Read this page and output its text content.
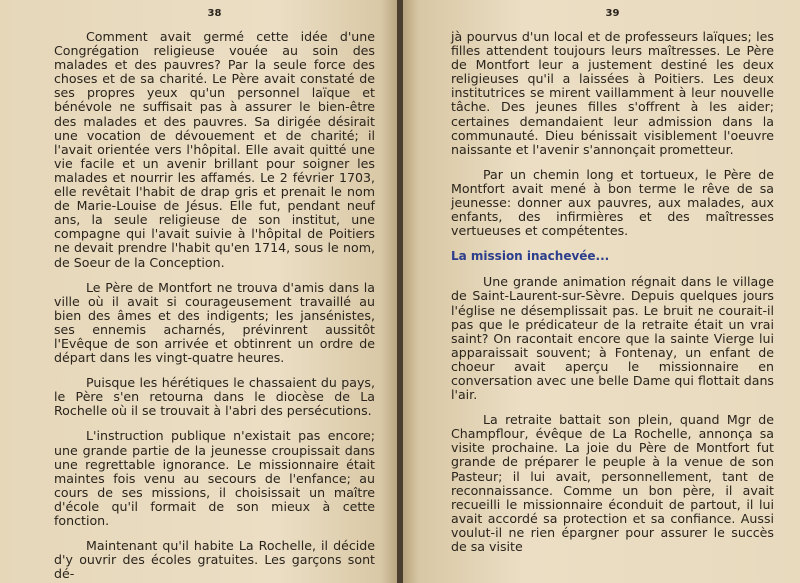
38

Comment avait germé cette idée d'une Congrégation religieuse vouée au soin des malades et des pauvres? Par la seule force des choses et de sa charité. Le Père avait constaté de ses propres yeux qu'un personnel laïque et bénévole ne suffisait pas à assurer le bien-être des malades et des pauvres. Sa dirigée désirait une vocation de dévouement et de charité; il l'avait orientée vers l'hôpital. Elle avait quitté une vie facile et un avenir brillant pour soigner les malades et nourrir les affamés. Le 2 février 1703, elle revêtait l'habit de drap gris et prenait le nom de Marie-Louise de Jésus. Elle fut, pendant neuf ans, la seule religieuse de son institut, une compagne qui l'avait suivie à l'hôpital de Poitiers ne devait prendre l'habit qu'en 1714, sous le nom, de Soeur de la Conception.

Le Père de Montfort ne trouva d'amis dans la ville où il avait si courageusement travaillé au bien des âmes et des indigents; les jansénistes, ses ennemis acharnés, prévinrent aussitôt l'Evêque de son arrivée et obtinrent un ordre de départ dans les vingt-quatre heures.

Puisque les hérétiques le chassaient du pays, le Père s'en retourna dans le diocèse de La Rochelle où il se trouvait à l'abri des persécutions.

L'instruction publique n'existait pas encore; une grande partie de la jeunesse croupissait dans une regrettable ignorance. Le missionnaire était maintes fois venu au secours de l'enfance; au cours de ses missions, il choisissait un maître d'école qu'il formait de son mieux à cette fonction.

Maintenant qu'il habite La Rochelle, il décide d'y ouvrir des écoles gratuites. Les garçons sont dé-

39

jà pourvus d'un local et de professeurs laïques; les filles attendent toujours leurs maîtresses. Le Père de Montfort leur a justement destiné les deux religieuses qu'il a laissées à Poitiers. Les deux institutrices se mirent vaillamment à leur nouvelle tâche. Des jeunes filles s'offrent à les aider; certaines demandaient leur admission dans la communauté. Dieu bénissait visiblement l'oeuvre naissante et l'avenir s'annonçait prometteur.

Par un chemin long et tortueux, le Père de Montfort avait mené à bon terme le rêve de sa jeunesse: donner aux pauvres, aux malades, aux enfants, des infirmières et des maîtresses vertueuses et compétentes.

La mission inachevée...

Une grande animation régnait dans le village de Saint-Laurent-sur-Sèvre. Depuis quelques jours l'église ne désemplissait pas. Le bruit ne courait-il pas que le prédicateur de la retraite était un vrai saint? On racontait encore que la sainte Vierge lui apparaissait souvent; à Fontenay, un enfant de choeur avait aperçu le missionnaire en conversation avec une belle Dame qui flottait dans l'air.

La retraite battait son plein, quand Mgr de Champflour, évêque de La Rochelle, annonça sa visite prochaine. La joie du Père de Montfort fut grande de préparer le peuple à la venue de son Pasteur; il lui avait, personnellement, tant de reconnaissance. Comme un bon père, il avait recueilli le missionnaire éconduit de partout, il lui avait accordé sa protection et sa confiance. Aussi voulut-il ne rien épargner pour assurer le succès de sa visite
